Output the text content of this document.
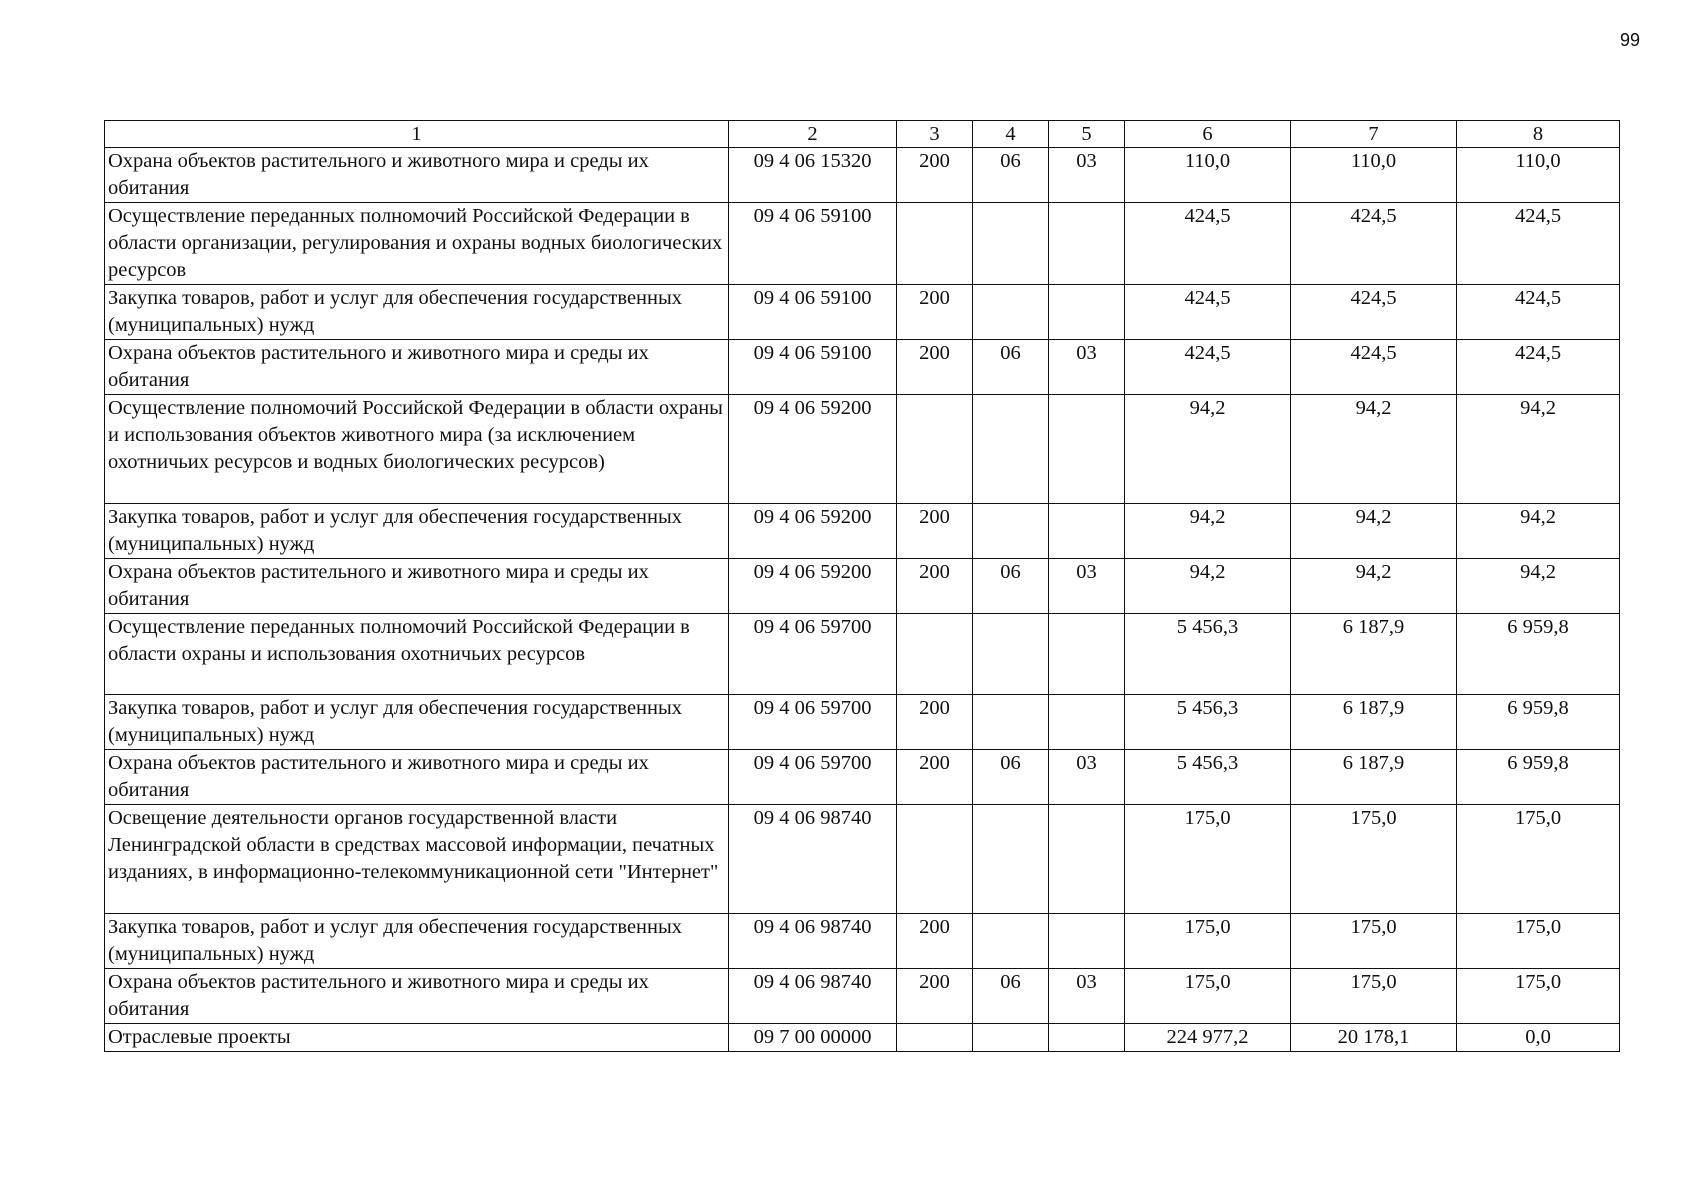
99
1	2	3	4	5	6	7	8
Охрана объектов растительного и животного мира и среды их обитания	09 4 06 15320	200	06	03	110,0	110,0	110,0
Осуществление переданных полномочий Российской Федерации в области организации, регулирования и охраны водных биологических ресурсов	09 4 06 59100				424,5	424,5	424,5
Закупка товаров, работ и услуг для обеспечения государственных (муниципальных) нужд	09 4 06 59100	200			424,5	424,5	424,5
Охрана объектов растительного и животного мира и среды их обитания	09 4 06 59100	200	06	03	424,5	424,5	424,5
Осуществление полномочий Российской Федерации в области охраны и использования объектов животного мира (за исключением охотничьих ресурсов и водных биологических ресурсов)	09 4 06 59200				94,2	94,2	94,2
Закупка товаров, работ и услуг для обеспечения государственных (муниципальных) нужд	09 4 06 59200	200			94,2	94,2	94,2
Охрана объектов растительного и животного мира и среды их обитания	09 4 06 59200	200	06	03	94,2	94,2	94,2
Осуществление переданных полномочий Российской Федерации в области охраны и использования охотничьих ресурсов	09 4 06 59700				5 456,3	6 187,9	6 959,8
Закупка товаров, работ и услуг для обеспечения государственных (муниципальных) нужд	09 4 06 59700	200			5 456,3	6 187,9	6 959,8
Охрана объектов растительного и животного мира и среды их обитания	09 4 06 59700	200	06	03	5 456,3	6 187,9	6 959,8
Освещение деятельности органов государственной власти Ленинградской области в средствах массовой информации, печатных изданиях, в информационно-телекоммуникационной сети "Интернет"	09 4 06 98740				175,0	175,0	175,0
Закупка товаров, работ и услуг для обеспечения государственных (муниципальных) нужд	09 4 06 98740	200			175,0	175,0	175,0
Охрана объектов растительного и животного мира и среды их обитания	09 4 06 98740	200	06	03	175,0	175,0	175,0
Отраслевые проекты	09 7 00 00000				224 977,2	20 178,1	0,0
